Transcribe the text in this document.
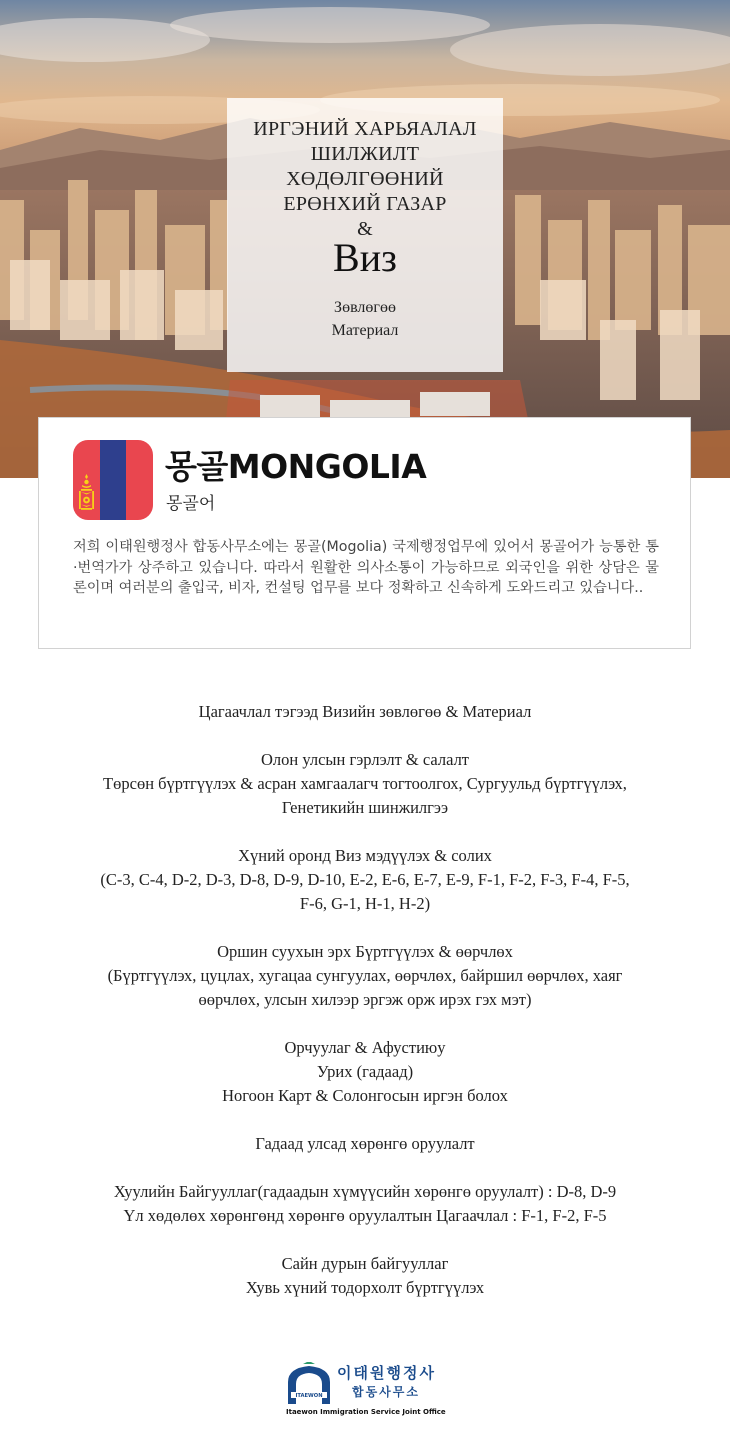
ИРГЭНИЙ ХАРЬЯАЛАЛ
ШИЛЖИЛТ
ХӨДӨЛГӨӨНИЙ
ЕРӨНХИЙ ГАЗАР
&
Виз
Зөвлөгөө
Материал
몽골MONGOLIA
몽골어
저희 이태원행정사 합동사무소에는 몽골(Mogolia) 국제행정업무에 있어서 몽골어가 능통한 통·번역가가 상주하고 있습니다. 따라서 원활한 의사소통이 가능하므로 외국인을 위한 상담은 물론이며 여러분의 출입국, 비자, 컨설팅 업무를 보다 정확하고 신속하게 도와드리고 있습니다..
Цагаачлал тэгээд Визийн зөвлөгөө & Материал
Олон улсын гэрлэлт & салалт
Төрсөн бүртгүүлэх & асран хамгаалагч тогтоолгох, Сургуульд бүртгүүлэх,
Генетикийн шинжилгээ
Хүний оронд Виз мэдүүлэх & солих
(C-3, C-4, D-2, D-3, D-8, D-9, D-10, E-2, E-6, E-7, E-9, F-1, F-2, F-3, F-4, F-5,
F-6, G-1, H-1, H-2)
Оршин суухын эрх Бүртгүүлэх & өөрчлөх
(Бүртгүүлэх, цуцлах, хугацаа сунгуулах, өөрчлөх, байршил өөрчлөх, хаяг
өөрчлөх, улсын хилээр эргэж орж ирэх гэх мэт)
Орчуулаг & Афустиюу
Урих (гадаад)
Ногоон Карт & Солонгосын иргэн болох
Гадаад улсад хөрөнгө оруулалт
Хуулийн Байгууллаг(гадаадын хүмүүсийн хөрөнгө оруулалт) : D-8, D-9
Үл хөдөлөх хөрөнгөнд хөрөнгө оруулалтын Цагаачлал : F-1, F-2, F-5
Сайн дурын байгууллаг
Хувь хүний тодорхолт бүртгүүлэх
ITAEWON
이태원행정사
합동사무소
Itaewon Immigration Service Joint Office
